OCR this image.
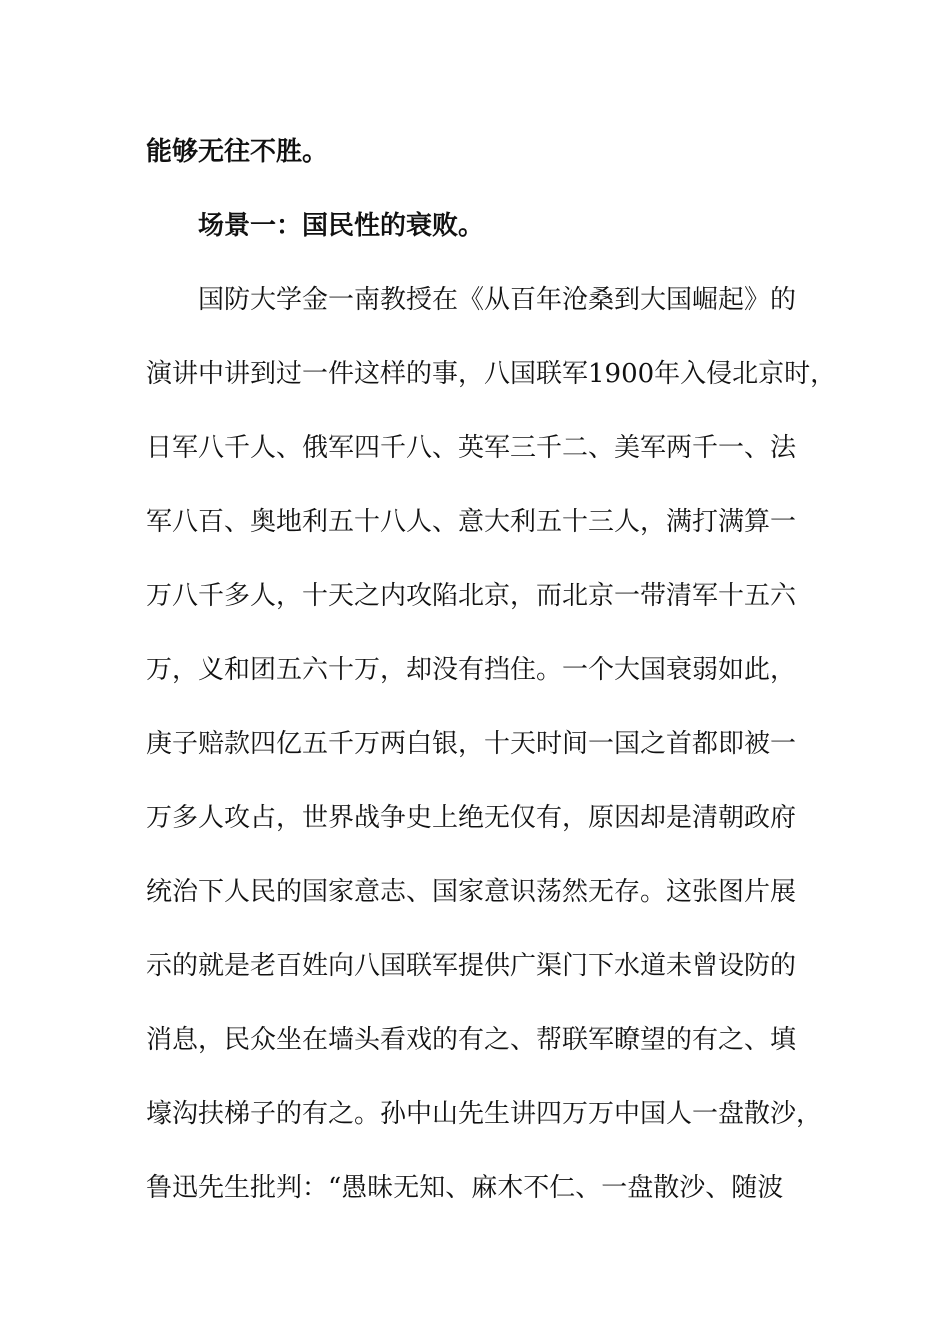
能够无往不胜。

场景一：国民性的衰败。

国防大学金一南教授在《从百年沧桑到大国崛起》的

演讲中讲到过一件这样的事，八国联军1900年入侵北京时，

日军八千人、俄军四千八、英军三千二、美军两千一、法

军八百、奥地利五十八人、意大利五十三人，满打满算一

万八千多人，十天之内攻陷北京，而北京一带清军十五六

万，义和团五六十万，却没有挡住。一个大国衰弱如此，

庚子赔款四亿五千万两白银，十天时间一国之首都即被一

万多人攻占，世界战争史上绝无仅有，原因却是清朝政府

统治下人民的国家意志、国家意识荡然无存。这张图片展

示的就是老百姓向八国联军提供广渠门下水道未曾设防的

消息，民众坐在墙头看戏的有之、帮联军瞭望的有之、填

壕沟扶梯子的有之。孙中山先生讲四万万中国人一盘散沙，

鲁迅先生批判：“愚昧无知、麻木不仁、一盘散沙、随波
